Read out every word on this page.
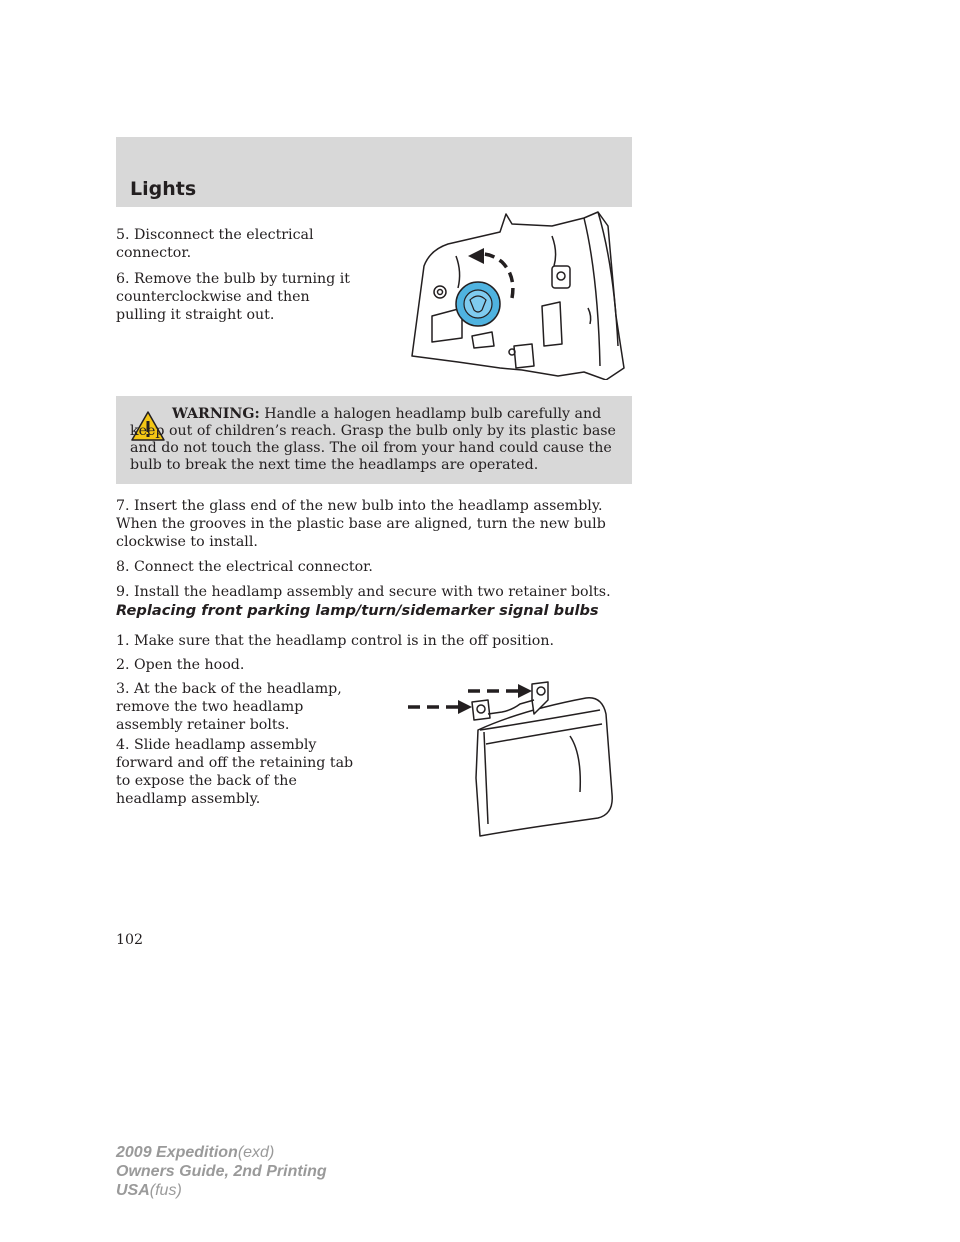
Lights

5. Disconnect the electrical connector.

6. Remove the bulb by turning it counterclockwise and then pulling it straight out.

WARNING: Handle a halogen headlamp bulb carefully and keep out of children’s reach. Grasp the bulb only by its plastic base and do not touch the glass. The oil from your hand could cause the bulb to break the next time the headlamps are operated.

7. Insert the glass end of the new bulb into the headlamp assembly. When the grooves in the plastic base are aligned, turn the new bulb clockwise to install.

8. Connect the electrical connector.

9. Install the headlamp assembly and secure with two retainer bolts.

Replacing front parking lamp/turn/sidemarker signal bulbs

1. Make sure that the headlamp control is in the off position.

2. Open the hood.

3. At the back of the headlamp, remove the two headlamp assembly retainer bolts.

4. Slide headlamp assembly forward and off the retaining tab to expose the back of the headlamp assembly.

102

2009 Expedition(exd)
Owners Guide, 2nd Printing
USA(fus)
